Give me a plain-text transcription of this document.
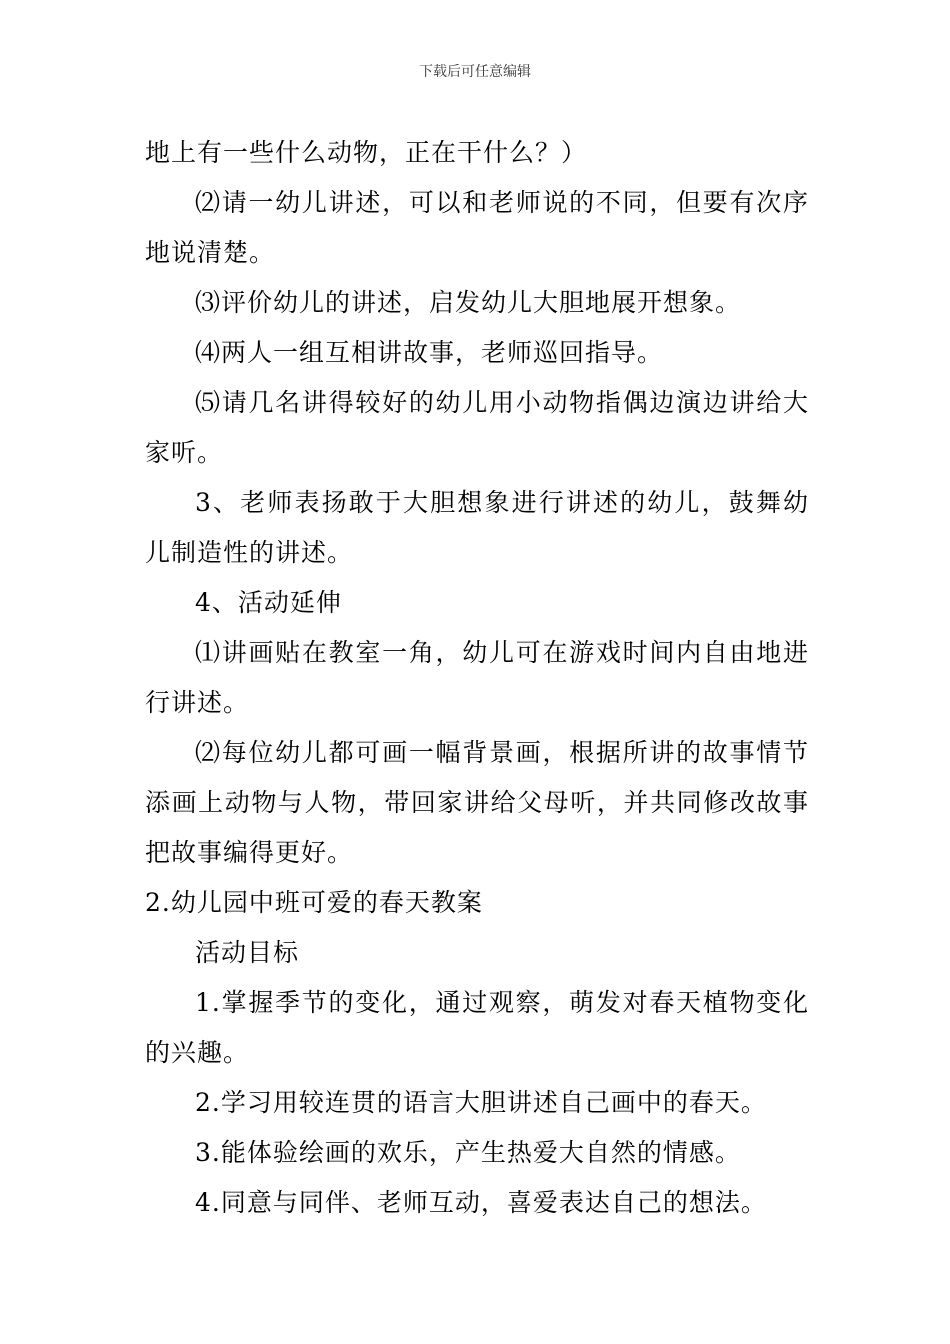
下载后可任意编辑

地上有一些什么动物，正在干什么？）

⑵请一幼儿讲述，可以和老师说的不同，但要有次序地说清楚。

⑶评价幼儿的讲述，启发幼儿大胆地展开想象。

⑷两人一组互相讲故事，老师巡回指导。

⑸请几名讲得较好的幼儿用小动物指偶边演边讲给大家听。

3、老师表扬敢于大胆想象进行讲述的幼儿，鼓舞幼儿制造性的讲述。

4、活动延伸

⑴讲画贴在教室一角，幼儿可在游戏时间内自由地进行讲述。

⑵每位幼儿都可画一幅背景画，根据所讲的故事情节添画上动物与人物，带回家讲给父母听，并共同修改故事把故事编得更好。

2.幼儿园中班可爱的春天教案

活动目标

1.掌握季节的变化，通过观察，萌发对春天植物变化的兴趣。

2.学习用较连贯的语言大胆讲述自己画中的春天。

3.能体验绘画的欢乐，产生热爱大自然的情感。

4.同意与同伴、老师互动，喜爱表达自己的想法。
